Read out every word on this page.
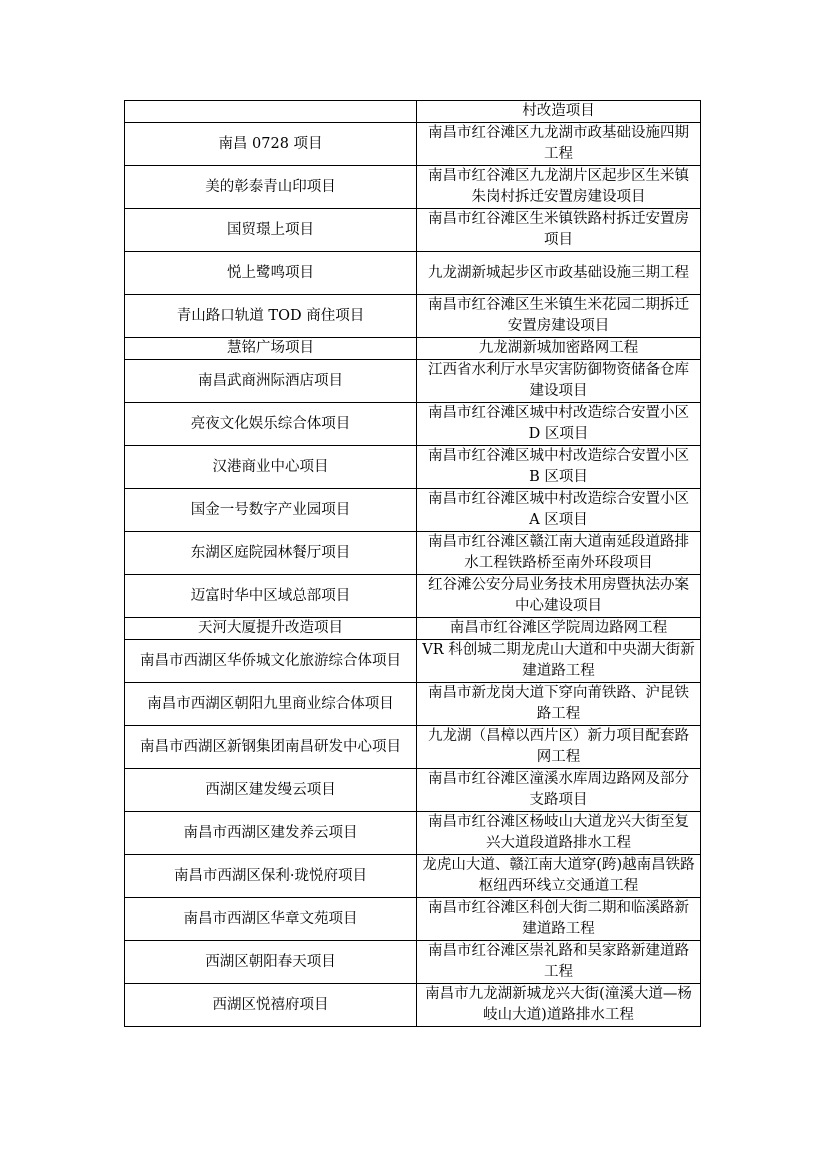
	村改造项目
南昌 0728 项目	南昌市红谷滩区九龙湖市政基础设施四期工程
美的彰泰青山印项目	南昌市红谷滩区九龙湖片区起步区生米镇朱岗村拆迁安置房建设项目
国贸璟上项目	南昌市红谷滩区生米镇铁路村拆迁安置房项目
悦上鹭鸣项目	九龙湖新城起步区市政基础设施三期工程
青山路口轨道 TOD 商住项目	南昌市红谷滩区生米镇生米花园二期拆迁安置房建设项目
慧铭广场项目	九龙湖新城加密路网工程
南昌武商洲际酒店项目	江西省水利厅水旱灾害防御物资储备仓库建设项目
亮夜文化娱乐综合体项目	南昌市红谷滩区城中村改造综合安置小区 D 区项目
汉港商业中心项目	南昌市红谷滩区城中村改造综合安置小区 B 区项目
国金一号数字产业园项目	南昌市红谷滩区城中村改造综合安置小区 A 区项目
东湖区庭院园林餐厅项目	南昌市红谷滩区赣江南大道南延段道路排水工程铁路桥至南外环段项目
迈富时华中区域总部项目	红谷滩公安分局业务技术用房暨执法办案中心建设项目
天河大厦提升改造项目	南昌市红谷滩区学院周边路网工程
南昌市西湖区华侨城文化旅游综合体项目	VR 科创城二期龙虎山大道和中央湖大街新建道路工程
南昌市西湖区朝阳九里商业综合体项目	南昌市新龙岗大道下穿向莆铁路、沪昆铁路工程
南昌市西湖区新钢集团南昌研发中心项目	九龙湖（昌樟以西片区）新力项目配套路网工程
西湖区建发缦云项目	南昌市红谷滩区潼溪水库周边路网及部分支路项目
南昌市西湖区建发养云项目	南昌市红谷滩区杨岐山大道龙兴大街至复兴大道段道路排水工程
南昌市西湖区保利·珑悦府项目	龙虎山大道、赣江南大道穿(跨)越南昌铁路枢纽西环线立交通道工程
南昌市西湖区华章文苑项目	南昌市红谷滩区科创大街二期和临溪路新建道路工程
西湖区朝阳春天项目	南昌市红谷滩区崇礼路和吴家路新建道路工程
西湖区悦禧府项目	南昌市九龙湖新城龙兴大街(潼溪大道—杨岐山大道)道路排水工程
